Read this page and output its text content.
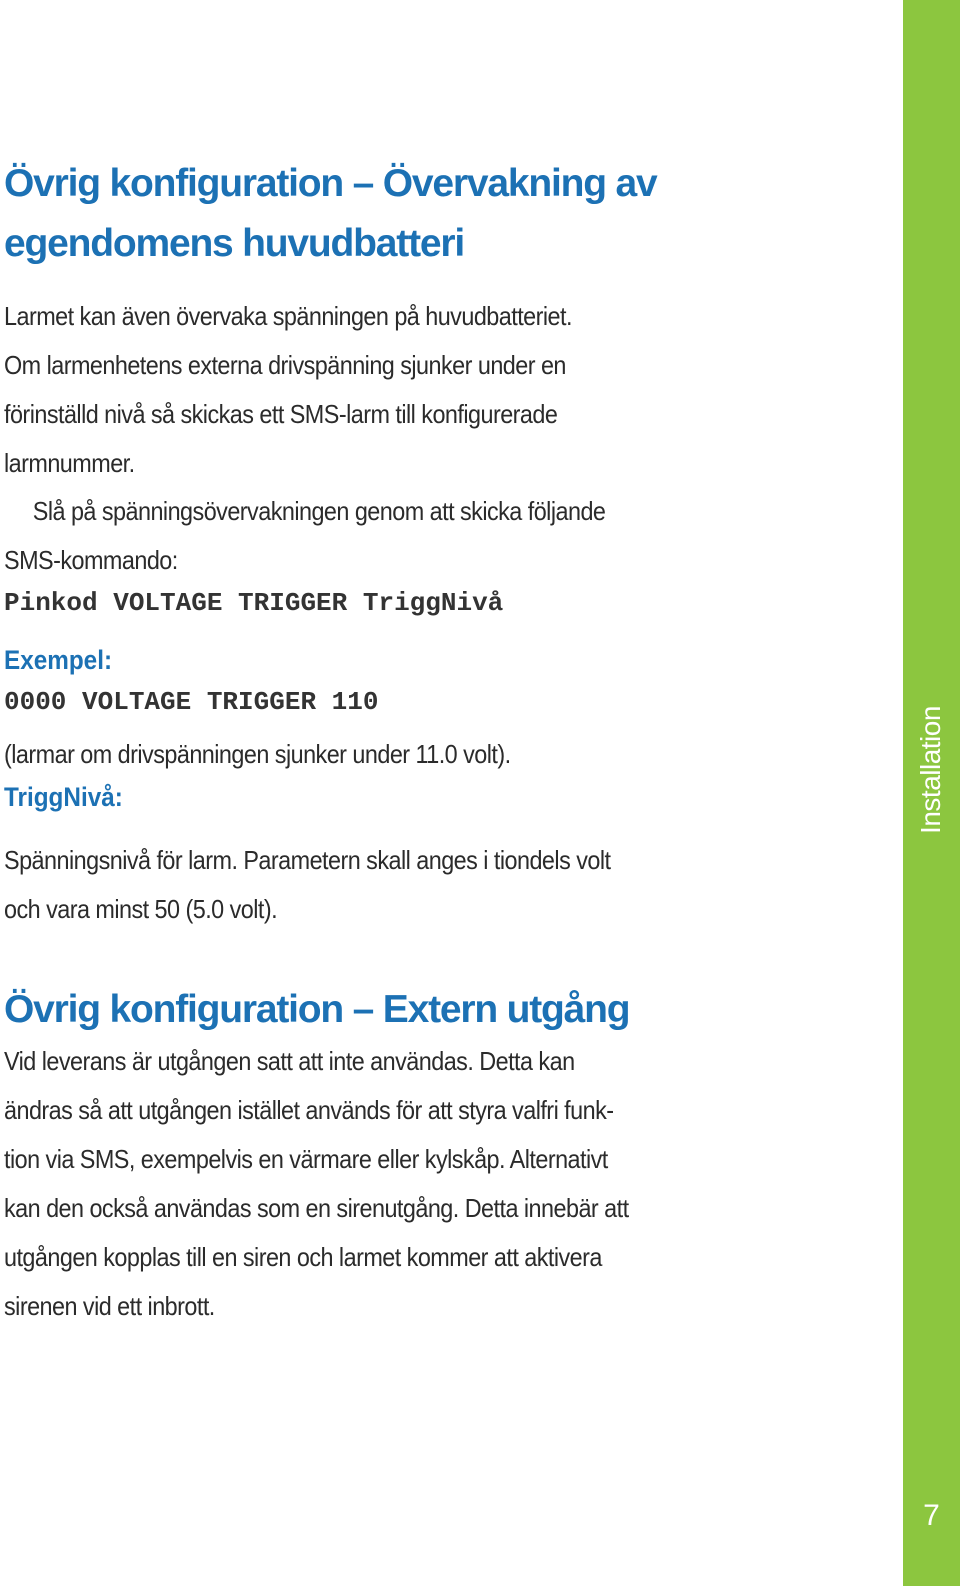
Övrig konfiguration – Övervakning av
egendomens huvudbatteri

Larmet kan även övervaka spänningen på huvudbatteriet.
Om larmenhetens externa drivspänning sjunker under en
förinställd nivå så skickas ett SMS-larm till konfigurerade
larmnummer.

Slå på spänningsövervakningen genom att skicka följande
SMS-kommando:

Pinkod VOLTAGE TRIGGER TriggNivå

Exempel:

0000 VOLTAGE TRIGGER 110

(larmar om drivspänningen sjunker under 11.0 volt).

TriggNivå:

Spänningsnivå för larm. Parametern skall anges i tiondels volt
och vara minst 50 (5.0 volt).

Övrig konfiguration – Extern utgång

Vid leverans är utgången satt att inte användas. Detta kan
ändras så att utgången istället används för att styra valfri funk-
tion via SMS, exempelvis en värmare eller kylskåp. Alternativt
kan den också användas som en sirenutgång. Detta innebär att
utgången kopplas till en siren och larmet kommer att aktivera
sirenen vid ett inbrott.

Installation
7
